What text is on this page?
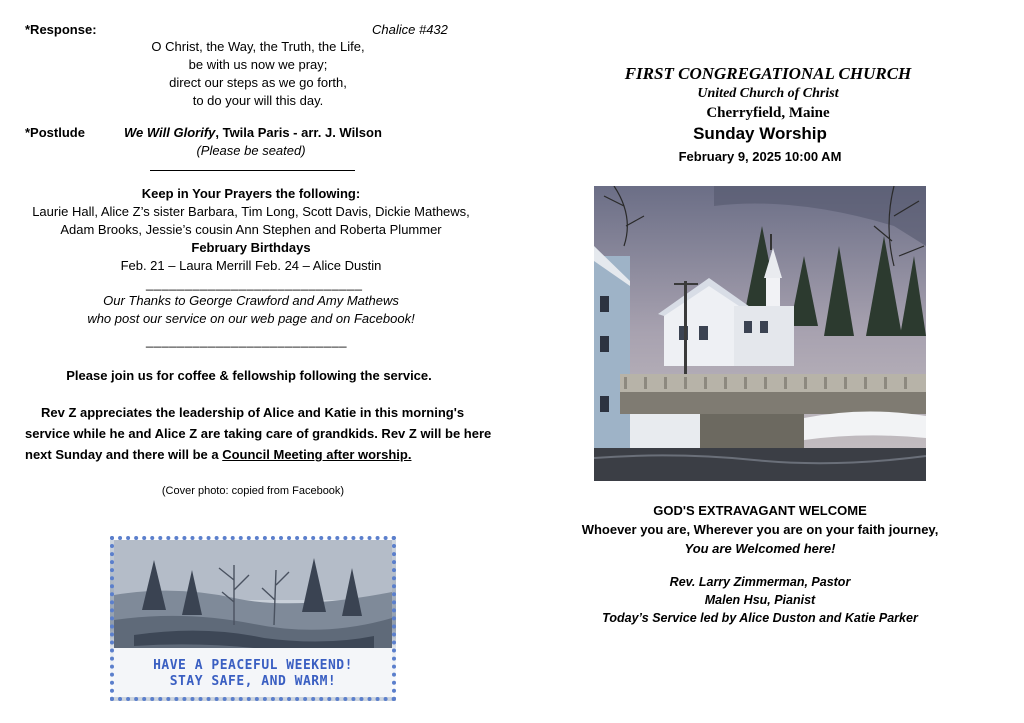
*Response:	Chalice #432
O Christ, the Way, the Truth, the Life,
be with us now we pray;
direct our steps as we go forth,
to do your will this day.
*Postlude	We Will Glorify, Twila Paris - arr. J. Wilson
(Please be seated)
Keep in Your Prayers the following:
Laurie Hall, Alice Z’s sister Barbara, Tim Long, Scott Davis, Dickie Mathews,
Adam Brooks, Jessie’s cousin Ann Stephen and Roberta Plummer
February Birthdays
Feb. 21 – Laura Merrill Feb. 24 – Alice Dustin
____________________________
Our Thanks to George Crawford and Amy Mathews
who post our service on our web page and on Facebook!
__________________________
Please join us for coffee & fellowship following the service.
Rev Z appreciates the leadership of Alice and Katie in this morning's
service while he and Alice Z are taking care of grandkids. Rev Z will be here
next Sunday and there will be a Council Meeting after worship.
(Cover photo: copied from Facebook)
HAVE A PEACEFUL WEEKEND!
STAY SAFE, AND WARM!
FIRST CONGREGATIONAL CHURCH
United Church of Christ
Cherryfield, Maine
Sunday Worship
February 9, 2025 10:00 AM
GOD'S EXTRAVAGANT WELCOME
Whoever you are, Wherever you are on your faith journey,
You are Welcomed here!
Rev. Larry Zimmerman, Pastor
Malen Hsu, Pianist
Today’s Service led by Alice Duston and Katie Parker
